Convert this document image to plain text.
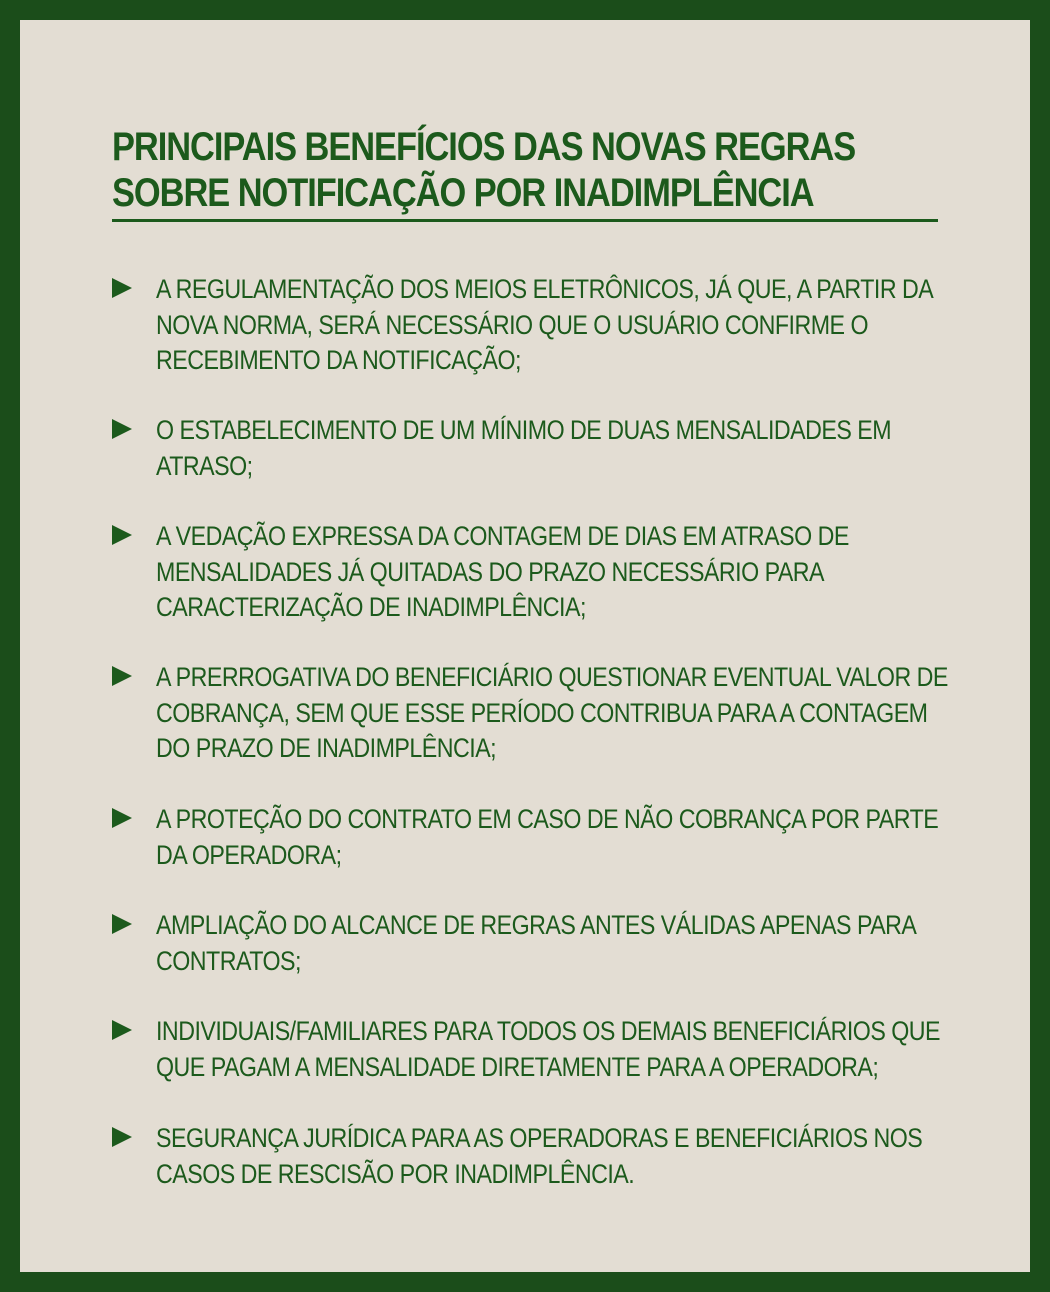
PRINCIPAIS BENEFÍCIOS DAS NOVAS REGRAS
SOBRE NOTIFICAÇÃO POR INADIMPLÊNCIA
A REGULAMENTAÇÃO DOS MEIOS ELETRÔNICOS, JÁ QUE, A PARTIR DA
NOVA NORMA, SERÁ NECESSÁRIO QUE O USUÁRIO CONFIRME O
RECEBIMENTO DA NOTIFICAÇÃO;
O ESTABELECIMENTO DE UM MÍNIMO DE DUAS MENSALIDADES EM
ATRASO;
A VEDAÇÃO EXPRESSA DA CONTAGEM DE DIAS EM ATRASO DE
MENSALIDADES JÁ QUITADAS DO PRAZO NECESSÁRIO PARA
CARACTERIZAÇÃO DE INADIMPLÊNCIA;
A PRERROGATIVA DO BENEFICIÁRIO QUESTIONAR EVENTUAL VALOR DE
COBRANÇA, SEM QUE ESSE PERÍODO CONTRIBUA PARA A CONTAGEM
DO PRAZO DE INADIMPLÊNCIA;
A PROTEÇÃO DO CONTRATO EM CASO DE NÃO COBRANÇA POR PARTE
DA OPERADORA;
AMPLIAÇÃO DO ALCANCE DE REGRAS ANTES VÁLIDAS APENAS PARA
CONTRATOS;
INDIVIDUAIS/FAMILIARES PARA TODOS OS DEMAIS BENEFICIÁRIOS QUE
QUE PAGAM A MENSALIDADE DIRETAMENTE PARA A OPERADORA;
SEGURANÇA JURÍDICA PARA AS OPERADORAS E BENEFICIÁRIOS NOS
CASOS DE RESCISÃO POR INADIMPLÊNCIA.
